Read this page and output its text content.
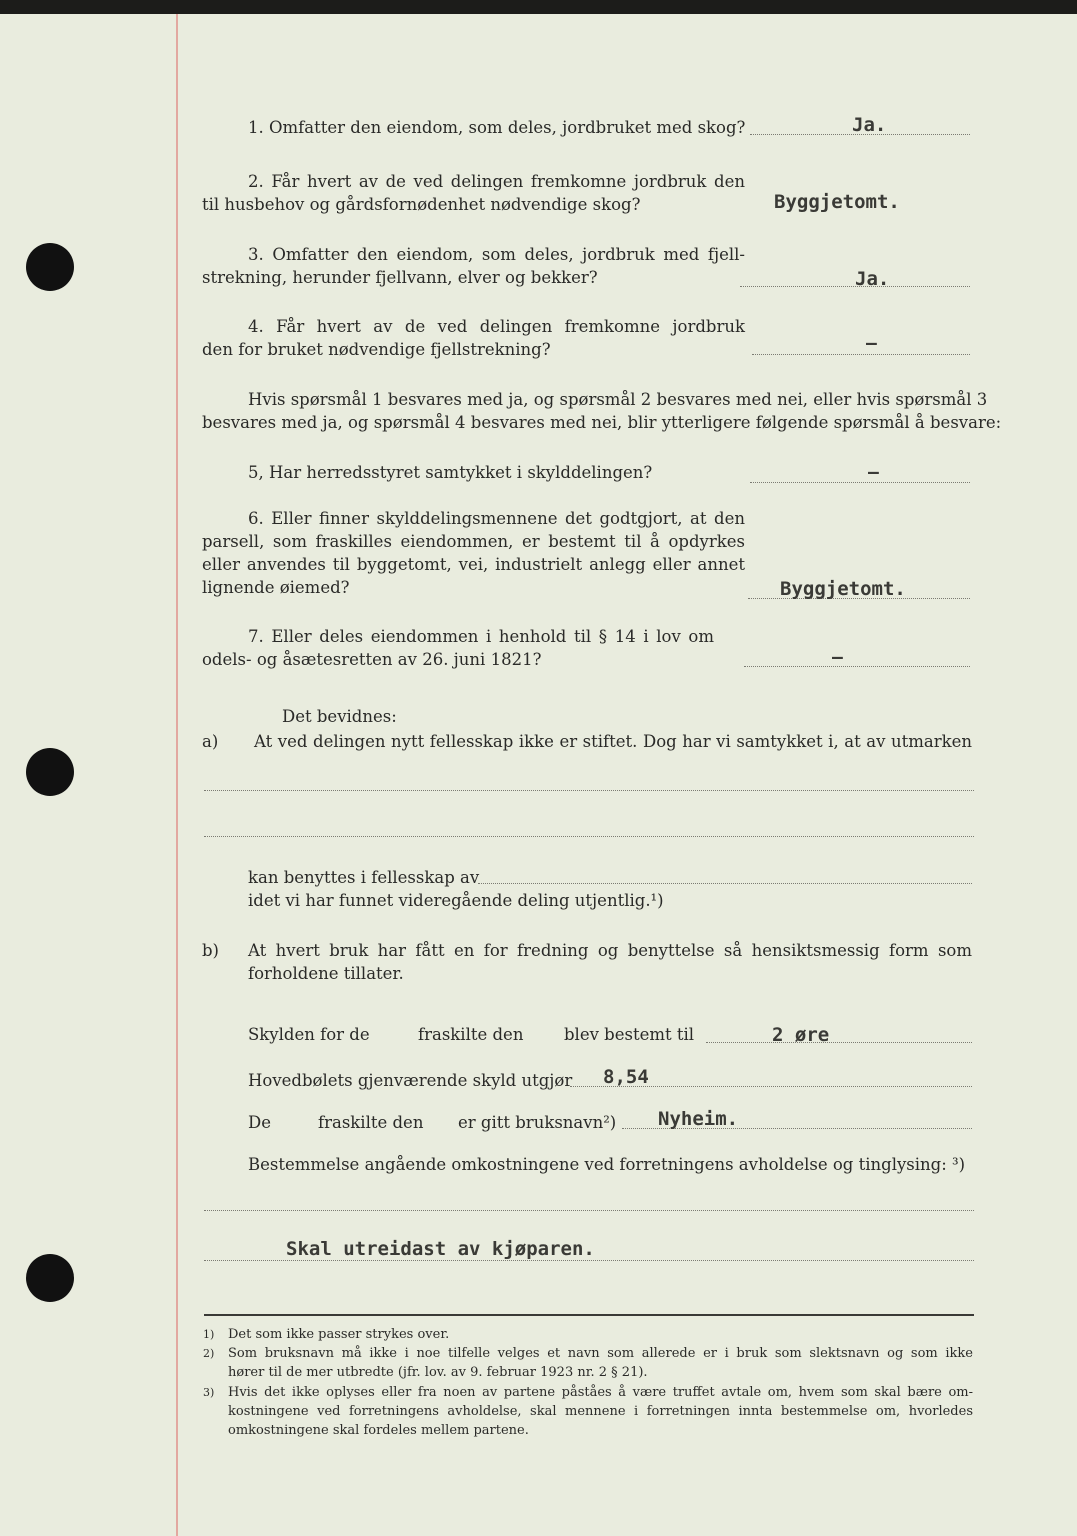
1. Omfatter den eiendom, som deles, jordbruket med skog?	Ja.
2. Får hvert av de ved delingen fremkomne jordbruk den
til husbehov og gårdsfornødenhet nødvendige skog?	Byggjetomt.
3. Omfatter den eiendom, som deles, jordbruk med fjell-
strekning, herunder fjellvann, elver og bekker?	Ja.
4. Får hvert av de ved delingen fremkomne jordbruk
den for bruket nødvendige fjellstrekning?	–
Hvis spørsmål 1 besvares med ja, og spørsmål 2 besvares med nei, eller hvis spørsmål 3
besvares med ja, og spørsmål 4 besvares med nei, blir ytterligere følgende spørsmål å besvare:
5, Har herredsstyret samtykket i skylddelingen?	–
6. Eller finner skylddelingsmennene det godtgjort, at den
parsell, som fraskilles eiendommen, er bestemt til å opdyrkes
eller anvendes til byggetomt, vei, industrielt anlegg eller annet
lignende øiemed?	Byggjetomt.
7. Eller deles eiendommen i henhold til § 14 i lov om
odels- og åsætesretten av 26. juni 1821?	–
Det bevidnes:
a) At ved delingen nytt fellesskap ikke er stiftet. Dog har vi samtykket i, at av utmarken
kan benyttes i fellesskap av
idet vi har funnet videregående deling utjentlig.¹)
b) At hvert bruk har fått en for fredning og benyttelse så hensiktsmessig form som
forholdene tillater.
Skylden for de	fraskilte den blev bestemt til	2 øre
Hovedbølets gjenværende skyld utgjør 8,54
De	fraskilte den er gitt bruksnavn²) Nyheim.
Bestemmelse angående omkostningene ved forretningens avholdelse og tinglysing: ³)
Skal utreidast av kjøparen.
1) Det som ikke passer strykes over.
2) Som bruksnavn må ikke i noe tilfelle velges et navn som allerede er i bruk som slektsnavn og som ikke
hører til de mer utbredte (jfr. lov. av 9. februar 1923 nr. 2 § 21).
3) Hvis det ikke oplyses eller fra noen av partene påståes å være truffet avtale om, hvem som skal bære om-
kostningene ved forretningens avholdelse, skal mennene i forretningen innta bestemmelse om, hvorledes
omkostningene skal fordeles mellem partene.
